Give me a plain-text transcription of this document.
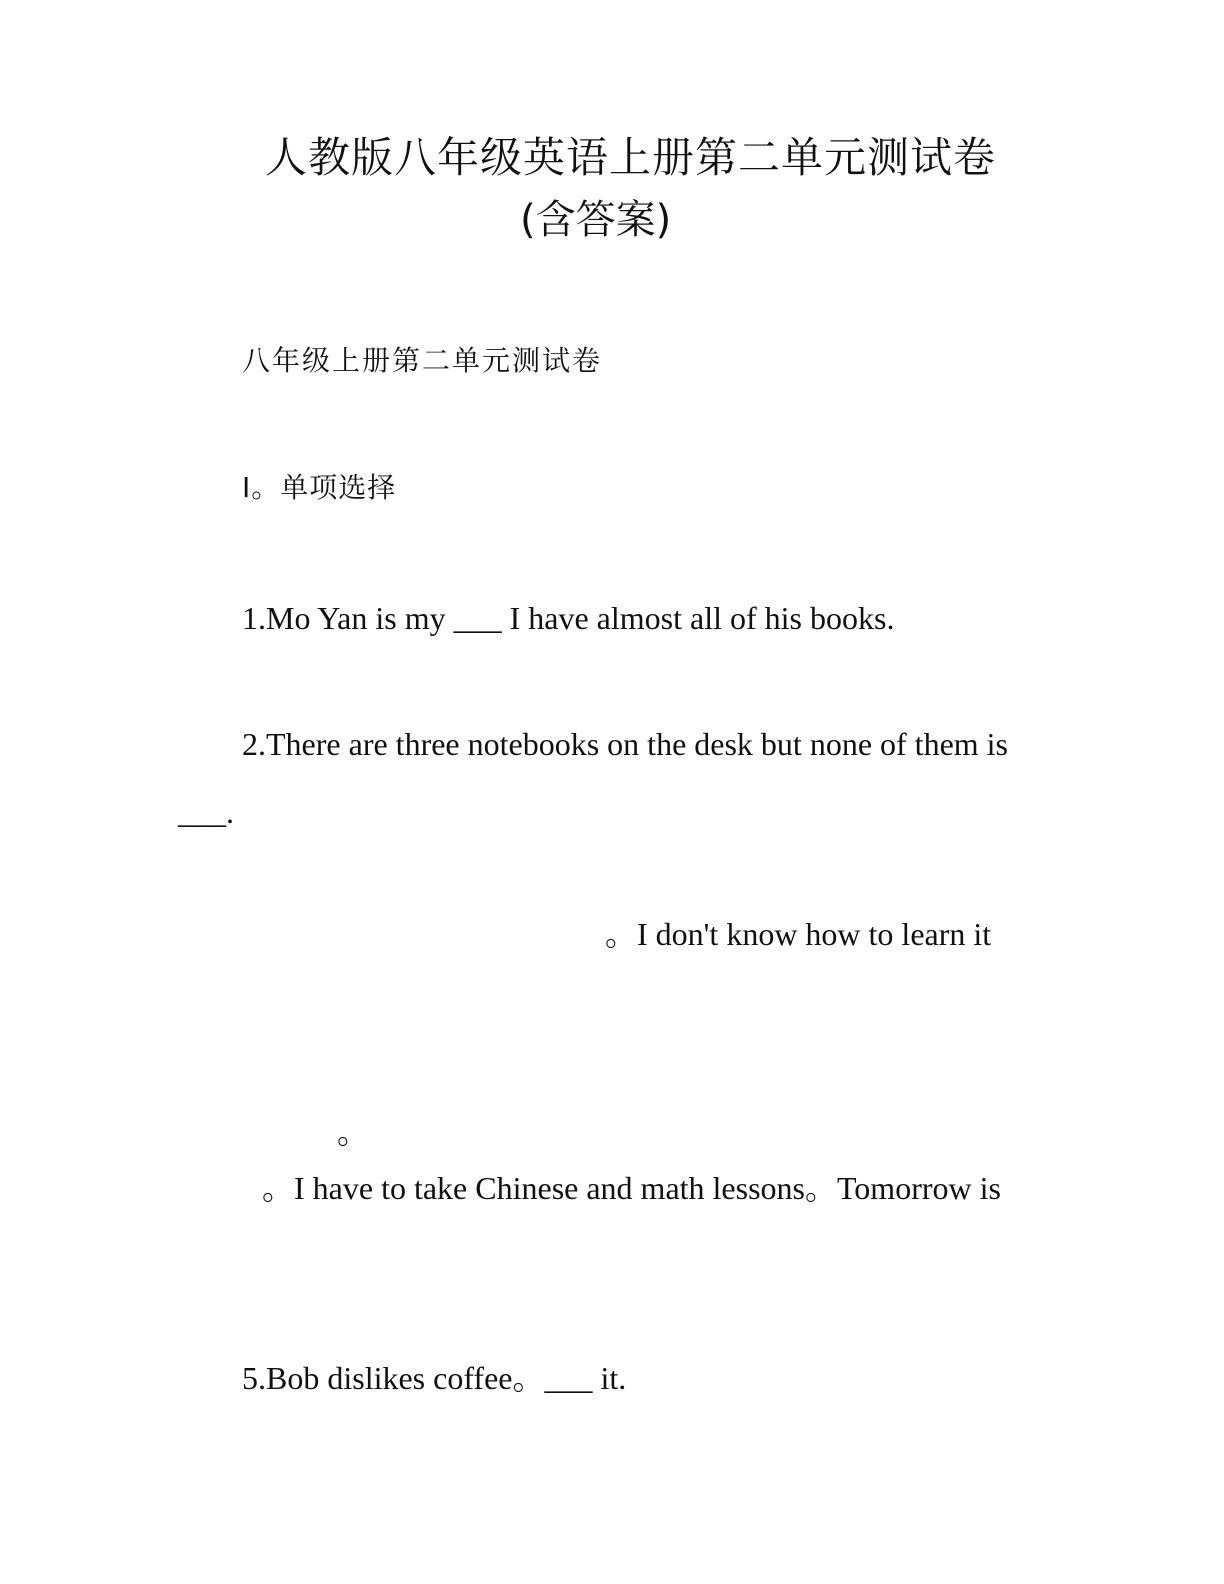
人教版八年级英语上册第二单元测试卷
(含答案)
八年级上册第二单元测试卷
I。单项选择
1.Mo Yan is my ___ I have almost all of his books.
2.There are three notebooks on the desk but none of them is
___.
。I don't know how to learn it
。
。I have to take Chinese and math lessons。Tomorrow is
5.Bob dislikes coffee。___ it.
